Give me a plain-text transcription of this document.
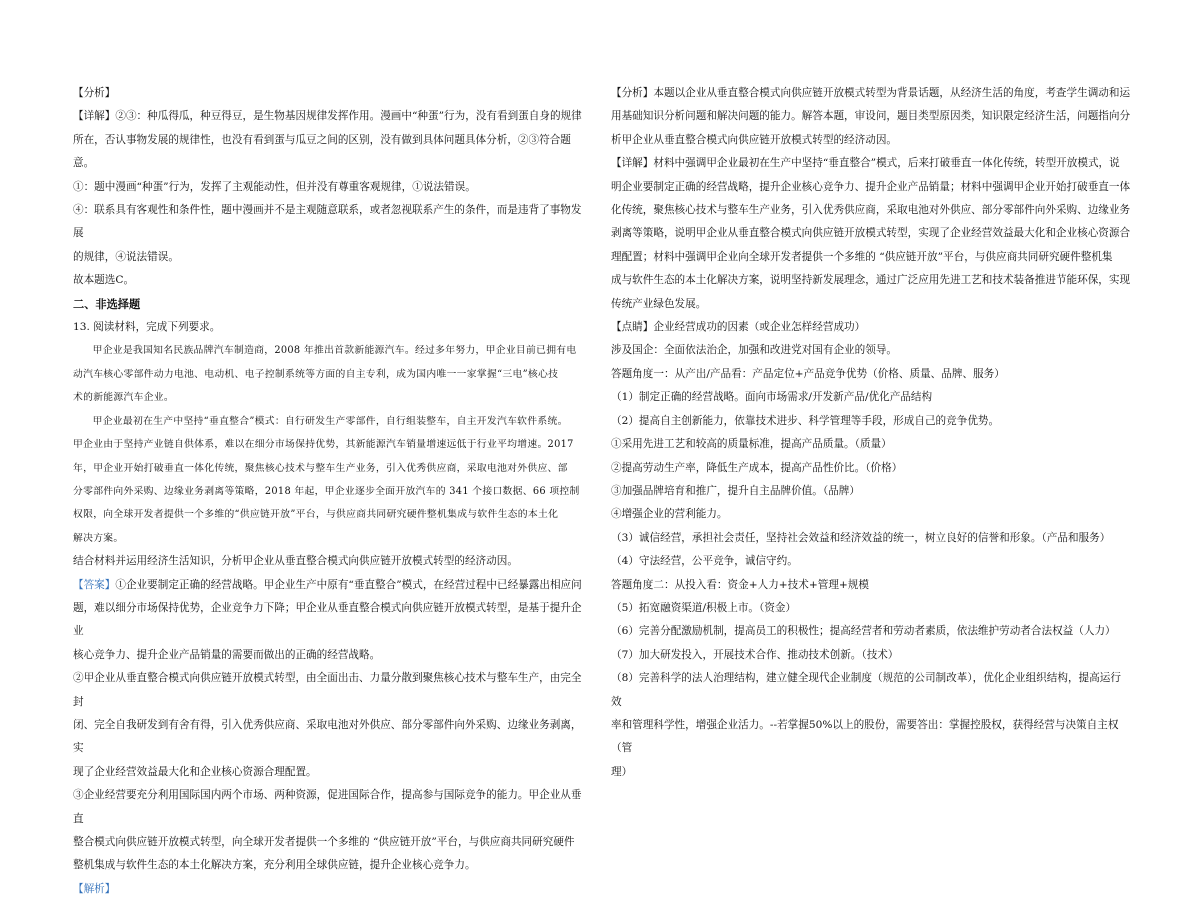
【分析】

【详解】②③：种瓜得瓜，种豆得豆，是生物基因规律发挥作用。漫画中“种蛋”行为，没有看到蛋自身的规律

所在，否认事物发展的规律性，也没有看到蛋与瓜豆之间的区别，没有做到具体问题具体分析，②③符合题意。

①：题中漫画“种蛋”行为，发挥了主观能动性，但并没有尊重客观规律，①说法错误。

④：联系具有客观性和条件性，题中漫画并不是主观随意联系，或者忽视联系产生的条件，而是违背了事物发展

的规律，④说法错误。

故本题选C。

二、非选择题

13. 阅读材料，完成下列要求。

甲企业是我国知名民族品牌汽车制造商，2008 年推出首款新能源汽车。经过多年努力，甲企业目前已拥有电

动汽车核心零部件动力电池、电动机、电子控制系统等方面的自主专利，成为国内唯一一家掌握“三电”核心技

术的新能源汽车企业。

甲企业最初在生产中坚持“垂直整合”模式：自行研发生产零部件，自行组装整车，自主开发汽车软件系统。

甲企业由于坚持产业链自供体系，难以在细分市场保持优势，其新能源汽车销量增速远低于行业平均增速。2017

年，甲企业开始打破垂直一体化传统，聚焦核心技术与整车生产业务，引入优秀供应商，采取电池对外供应、部

分零部件向外采购、边缘业务剥离等策略，2018 年起，甲企业逐步全面开放汽车的 341 个接口数据、66 项控制

权限，向全球开发者提供一个多维的“供应链开放”平台，与供应商共同研究硬件整机集成与软件生态的本土化

解决方案。

结合材料并运用经济生活知识，分析甲企业从垂直整合模式向供应链开放模式转型的经济动因。

【答案】①企业要制定正确的经营战略。甲企业生产中原有“垂直整合”模式，在经营过程中已经暴露出相应问

题，难以细分市场保持优势，企业竞争力下降；甲企业从垂直整合模式向供应链开放模式转型，是基于提升企业

核心竞争力、提升企业产品销量的需要而做出的正确的经营战略。

②甲企业从垂直整合模式向供应链开放模式转型，由全面出击、力量分散到聚焦核心技术与整车生产，由完全封

闭、完全自我研发到有舍有得，引入优秀供应商、采取电池对外供应、部分零部件向外采购、边缘业务剥离，实

现了企业经营效益最大化和企业核心资源合理配置。

③企业经营要充分利用国际国内两个市场、两种资源，促进国际合作，提高参与国际竞争的能力。甲企业从垂直

整合模式向供应链开放模式转型，向全球开发者提供一个多维的 “供应链开放”平台，与供应商共同研究硬件

整机集成与软件生态的本土化解决方案，充分利用全球供应链，提升企业核心竞争力。

【解析】

【分析】本题以企业从垂直整合模式向供应链开放模式转型为背景话题，从经济生活的角度，考查学生调动和运

用基础知识分析问题和解决问题的能力。解答本题，审设问，题目类型原因类，知识限定经济生活，问题指向分

析甲企业从垂直整合模式向供应链开放模式转型的经济动因。

【详解】材料中强调甲企业最初在生产中坚持“垂直整合”模式，后来打破垂直一体化传统，转型开放模式，说

明企业要制定正确的经营战略，提升企业核心竞争力、提升企业产品销量；材料中强调甲企业开始打破垂直一体

化传统，聚焦核心技术与整车生产业务，引入优秀供应商，采取电池对外供应、部分零部件向外采购、边缘业务

剥离等策略，说明甲企业从垂直整合模式向供应链开放模式转型，实现了企业经营效益最大化和企业核心资源合

理配置；材料中强调甲企业向全球开发者提供一个多维的 “供应链开放”平台，与供应商共同研究硬件整机集

成与软件生态的本土化解决方案，说明坚持新发展理念，通过广泛应用先进工艺和技术装备推进节能环保，实现

传统产业绿色发展。

【点睛】企业经营成功的因素（或企业怎样经营成功）

涉及国企：全面依法治企，加强和改进党对国有企业的领导。

答题角度一：从产出/产品看：产品定位+产品竞争优势（价格、质量、品牌、服务）

（1）制定正确的经营战略。面向市场需求/开发新产品/优化产品结构

（2）提高自主创新能力，依靠技术进步、科学管理等手段，形成自己的竞争优势。

①采用先进工艺和较高的质量标准，提高产品质量。（质量）

②提高劳动生产率，降低生产成本，提高产品性价比。（价格）

③加强品牌培育和推广，提升自主品牌价值。（品牌）

④增强企业的营利能力。

（3）诚信经营，承担社会责任，坚持社会效益和经济效益的统一，树立良好的信誉和形象。（产品和服务）

（4）守法经营，公平竞争，诚信守约。

答题角度二：从投入看：资金+人力+技术+管理+规模

（5）拓宽融资渠道/积极上市。（资金）

（6）完善分配激励机制，提高员工的积极性；提高经营者和劳动者素质，依法维护劳动者合法权益（人力）

（7）加大研发投入，开展技术合作、推动技术创新。（技术）

（8）完善科学的法人治理结构，建立健全现代企业制度（规范的公司制改革），优化企业组织结构，提高运行效

率和管理科学性，增强企业活力。--若掌握50%以上的股份，需要答出：掌握控股权，获得经营与决策自主权（管

理）
